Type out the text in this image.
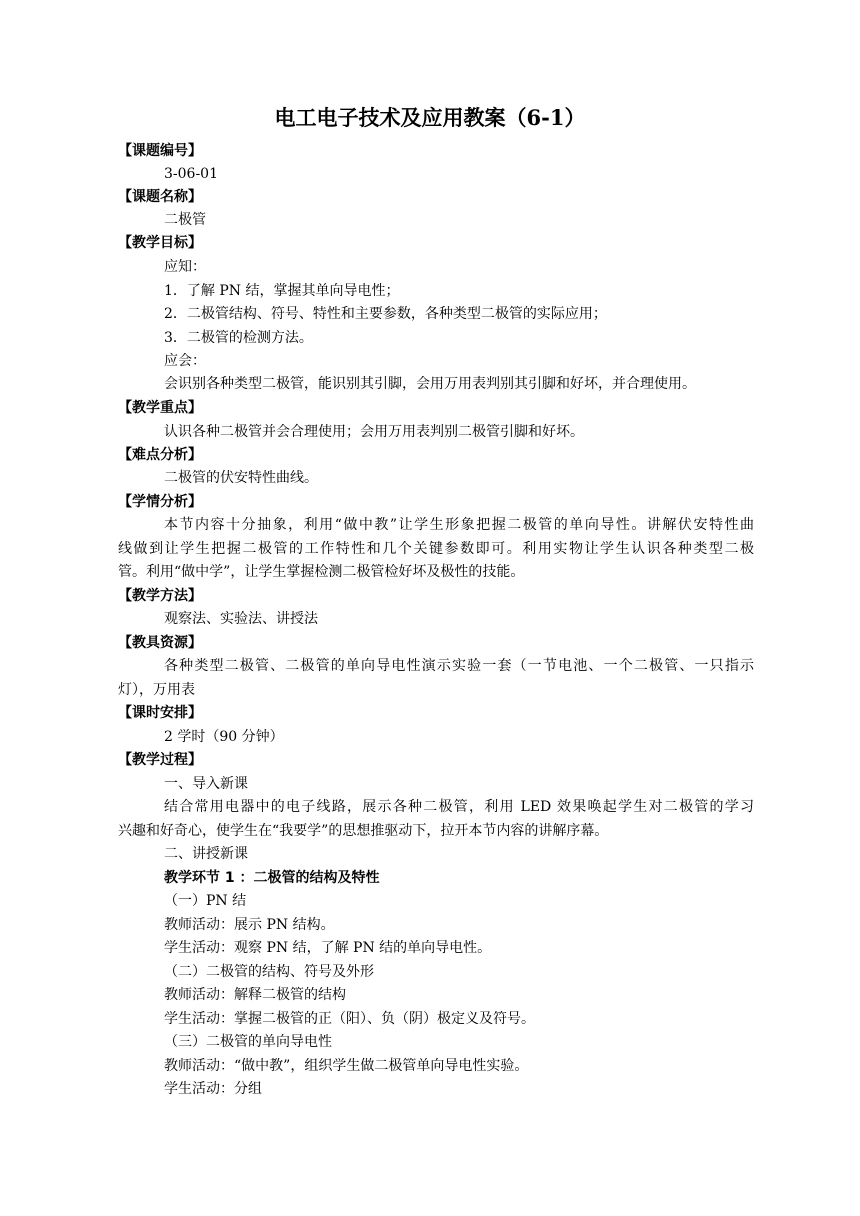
电工电子技术及应用教案（6-1）
【课题编号】
3-06-01
【课题名称】
二极管
【教学目标】
应知：
1．了解 PN 结，掌握其单向导电性；
2．二极管结构、符号、特性和主要参数，各种类型二极管的实际应用；
3．二极管的检测方法。
应会：
会识别各种类型二极管，能识别其引脚，会用万用表判别其引脚和好坏，并合理使用。
【教学重点】
认识各种二极管并会合理使用；会用万用表判别二极管引脚和好坏。
【难点分析】
二极管的伏安特性曲线。
【学情分析】
本节内容十分抽象，利用“做中教”让学生形象把握二极管的单向导性。讲解伏安特性曲
线做到让学生把握二极管的工作特性和几个关键参数即可。利用实物让学生认识各种类型二极
管。利用“做中学”，让学生掌握检测二极管检好坏及极性的技能。
【教学方法】
观察法、实验法、讲授法
【教具资源】
各种类型二极管、二极管的单向导电性演示实验一套（一节电池、一个二极管、一只指示
灯），万用表
【课时安排】
2 学时（90 分钟）
【教学过程】
一、导入新课
结合常用电器中的电子线路，展示各种二极管，利用 LED 效果唤起学生对二极管的学习
兴趣和好奇心，使学生在“我要学”的思想推驱动下，拉开本节内容的讲解序幕。
二、讲授新课
教学环节 1 ：二极管的结构及特性
（一）PN 结
教师活动：展示 PN 结构。
学生活动：观察 PN 结，了解 PN 结的单向导电性。
（二）二极管的结构、符号及外形
教师活动：解释二极管的结构
学生活动：掌握二极管的正（阳）、负（阴）极定义及符号。
（三）二极管的单向导电性
教师活动：“做中教”，组织学生做二极管单向导电性实验。
学生活动：分组
